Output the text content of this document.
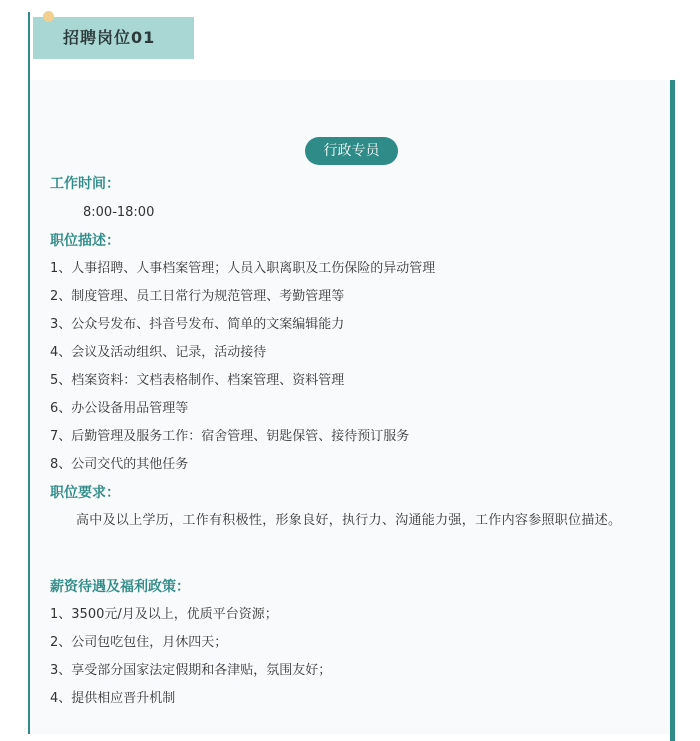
招聘岗位01
行政专员
工作时间：
8:00-18:00
职位描述：
1、人事招聘、人事档案管理；人员入职离职及工伤保险的异动管理
2、制度管理、员工日常行为规范管理、考勤管理等
3、公众号发布、抖音号发布、简单的文案编辑能力
4、会议及活动组织、记录，活动接待
5、档案资料：文档表格制作、档案管理、资料管理
6、办公设备用品管理等
7、后勤管理及服务工作：宿舍管理、钥匙保管、接待预订服务
8、公司交代的其他任务
职位要求：
高中及以上学历，工作有积极性，形象良好，执行力、沟通能力强，工作内容参照职位描述。
薪资待遇及福利政策：
1、3500元/月及以上，优质平台资源；
2、公司包吃包住，月休四天；
3、享受部分国家法定假期和各津贴，氛围友好；
4、提供相应晋升机制
